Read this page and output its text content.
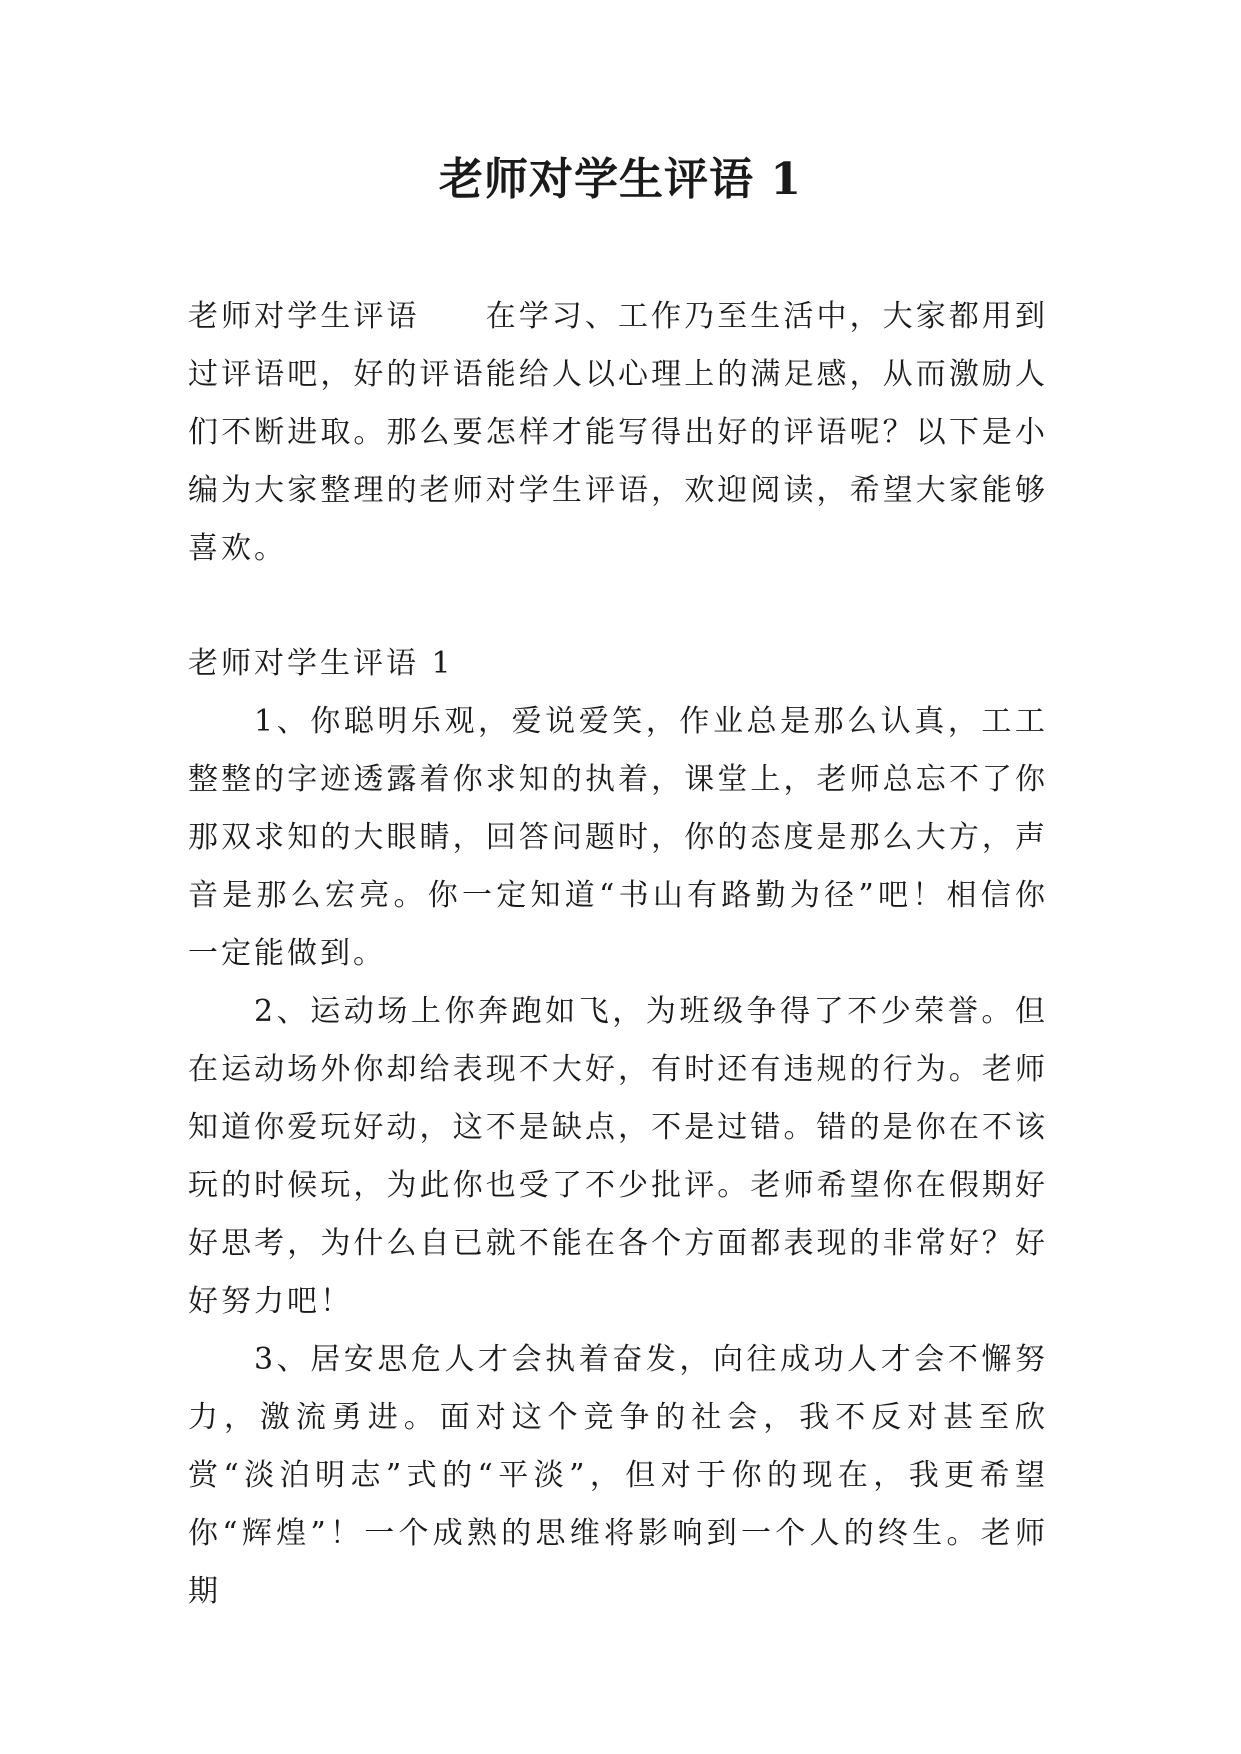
老师对学生评语 1
老师对学生评语 在学习、工作乃至生活中，大家都用到过评语吧，好的评语能给人以心理上的满足感，从而激励人们不断进取。那么要怎样才能写得出好的评语呢？以下是小编为大家整理的老师对学生评语，欢迎阅读，希望大家能够喜欢。
老师对学生评语 1

1、你聪明乐观，爱说爱笑，作业总是那么认真，工工整整的字迹透露着你求知的执着，课堂上，老师总忘不了你那双求知的大眼睛，回答问题时，你的态度是那么大方，声音是那么宏亮。你一定知道“书山有路勤为径”吧！相信你一定能做到。

2、运动场上你奔跑如飞，为班级争得了不少荣誉。但在运动场外你却给表现不大好，有时还有违规的行为。老师知道你爱玩好动，这不是缺点，不是过错。错的是你在不该玩的时候玩，为此你也受了不少批评。老师希望你在假期好好思考，为什么自已就不能在各个方面都表现的非常好？好好努力吧！

3、居安思危人才会执着奋发，向往成功人才会不懈努力，激流勇进。面对这个竞争的社会，我不反对甚至欣赏“淡泊明志”式的“平淡”，但对于你的现在，我更希望你“辉煌”！一个成熟的思维将影响到一个人的终生。老师期
